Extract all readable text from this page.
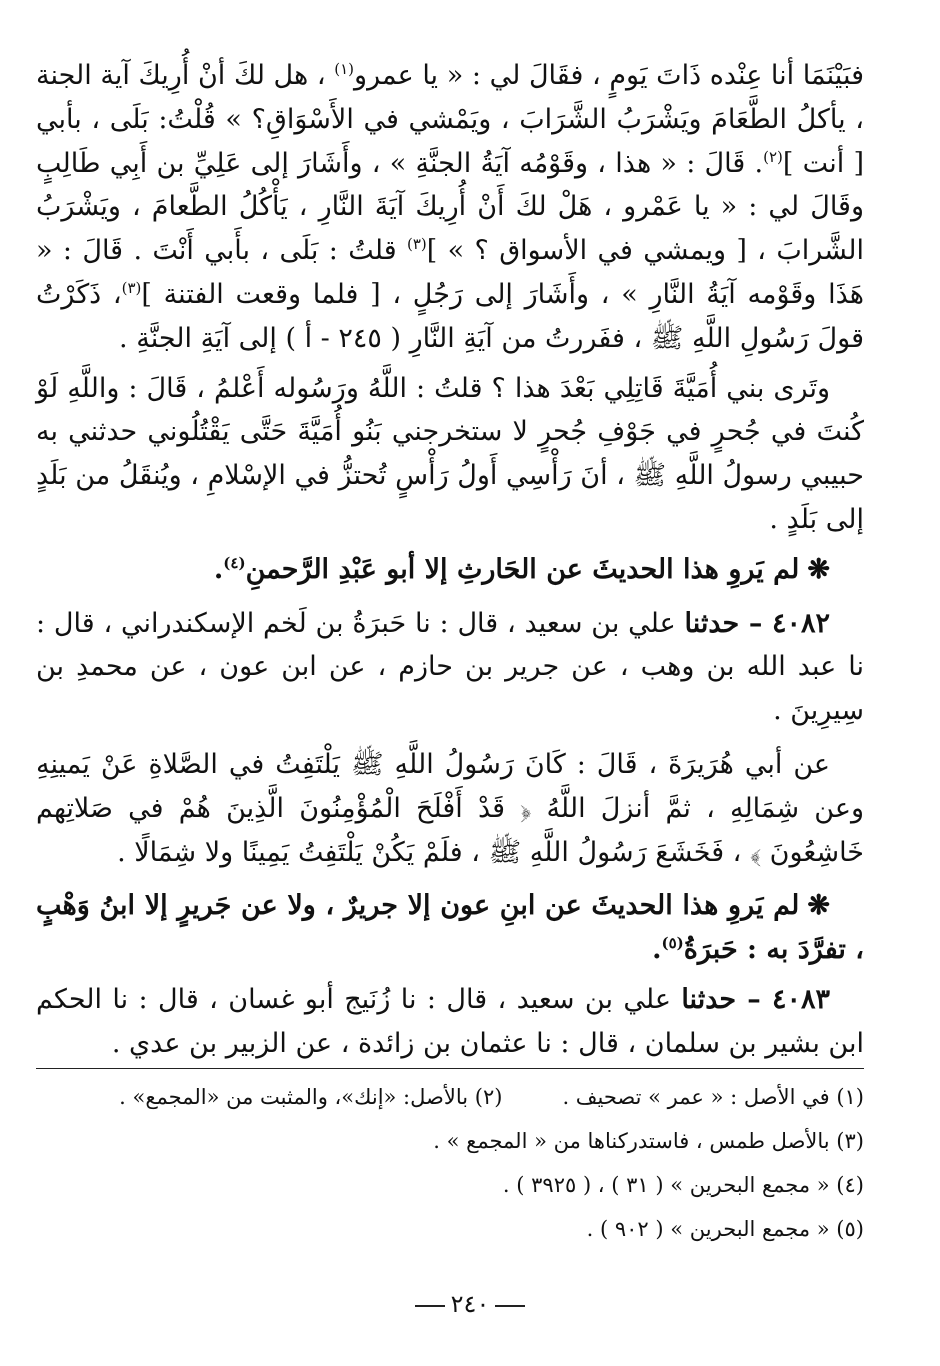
فبَيْنَمَا أنا عِنْده ذَاتَ يَومٍ ، فقَالَ لي : « يا عمرو$^{(١)}$ ، هل لكَ أنْ أُرِيكَ آية الجنة ، يأكلُ الطَّعَامَ ويَشْرَبُ الشَّرَابَ ، ويَمْشي في الأَسْوَاقِ؟ » قُلْتُ: بَلَى ، بأبي [ أنت ]$^{(٢)}$. قَالَ : « هذا ، وقَوْمُه آيَةُ الجنَّةِ » ، وأَشَارَ إلى عَلِيِّ بن أَبِي طَالِبٍ وقَالَ لي : « يا عَمْرو ، هَلْ لكَ أَنْ أُرِيكَ آيَةَ النَّارِ ، يَأْكُلُ الطَّعامَ ، ويَشْرَبُ الشَّرابَ ، [ ويمشي في الأسواق ؟ » ]$^{(٣)}$ قلتُ : بَلَى ، بأَبي أَنْتَ . قَالَ : « هَذَا وقَوْمه آيَةُ النَّارِ » ، وأَشَارَ إلى رَجُلٍ ، [ فلما وقعت الفتنة ]$^{(٣)}$، ذَكَرْتُ قولَ رَسُولِ اللَّهِ ﷺ ، ففَررتُ من آيَةِ النَّارِ ( ٢٤٥ - أ ) إلى آيَةِ الجنَّةِ .

وتَرى بني أُمَيَّةَ قَاتِلِي بَعْدَ هذا ؟ قلتُ : اللَّهُ ورَسُوله أَعْلمُ ، قَالَ : واللَّهِ لَوْ كُنتَ في جُحرٍ في جَوْفِ جُحرٍ لا ستخرجني بَنُو أُمَيَّةَ حَتَّى يَقْتُلُوني حدثني به حبيبي رسولُ اللَّهِ ﷺ ، أنَ رَأْسِي أَولُ رَأْسٍ تُحتزُّ في الإسْلامِ ، ويُنقَلُ من بَلَدٍ إلى بَلَدٍ .

❋لم يَروِ هذا الحديثَ عن الحَارثِ إلا أبو عَبْدِ الرَّحمنِ$^{(٤)}$.

٤٠٨٢ – حدثنا علي بن سعيد ، قال : نا حَبرَةُ بن لَخم الإسكندراني ، قال : نا عبد الله بن وهب ، عن جرير بن حازم ، عن ابن عون ، عن محمدِ بن سِيرِينَ .

عن أبي هُرَيرَةَ ، قَالَ : كَانَ رَسُولُ اللَّهِ ﷺ يَلْتَفِتُ في الصَّلاةِ عَنْ يَمينِهِ وعن شِمَالِهِ ، ثمَّ أنزلَ اللَّهُ ﴿ قَدْ أَفْلَحَ الْمُؤْمِنُونَ الَّذِينَ هُمْ في صَلاتِهم خَاشِعُونَ ﴾ ، فَخَشَعَ رَسُولُ اللَّهِ ﷺ ، فلَمْ يَكُنْ يَلْتَفِتُ يَمِينًا ولا شِمَالًا .

❋لم يَروِ هذا الحديثَ عن ابنِ عون إلا جريرٌ ، ولا عن جَريرٍ إلا ابنُ وَهْبٍ ، تفرَّدَ به : حَبرَةُ$^{(٥)}$.

٤٠٨٣ – حدثنا علي بن سعيد ، قال : نا زُنَيج أبو غسان ، قال : نا الحكم ابن بشير بن سلمان ، قال : نا عثمان بن زائدة ، عن الزبير بن عدي .

(١) في الأصل : « عمر » تصحيف .
(٢) بالأصل: «إنك»، والمثبت من «المجمع» .
(٣) بالأصل طمس ، فاستدركناها من « المجمع » .
(٤) « مجمع البحرين » ( ٣١ ) ، ( ٣٩٢٥ ) .
(٥) « مجمع البحرين » ( ٩٠٢ ) .
٢٤٠
